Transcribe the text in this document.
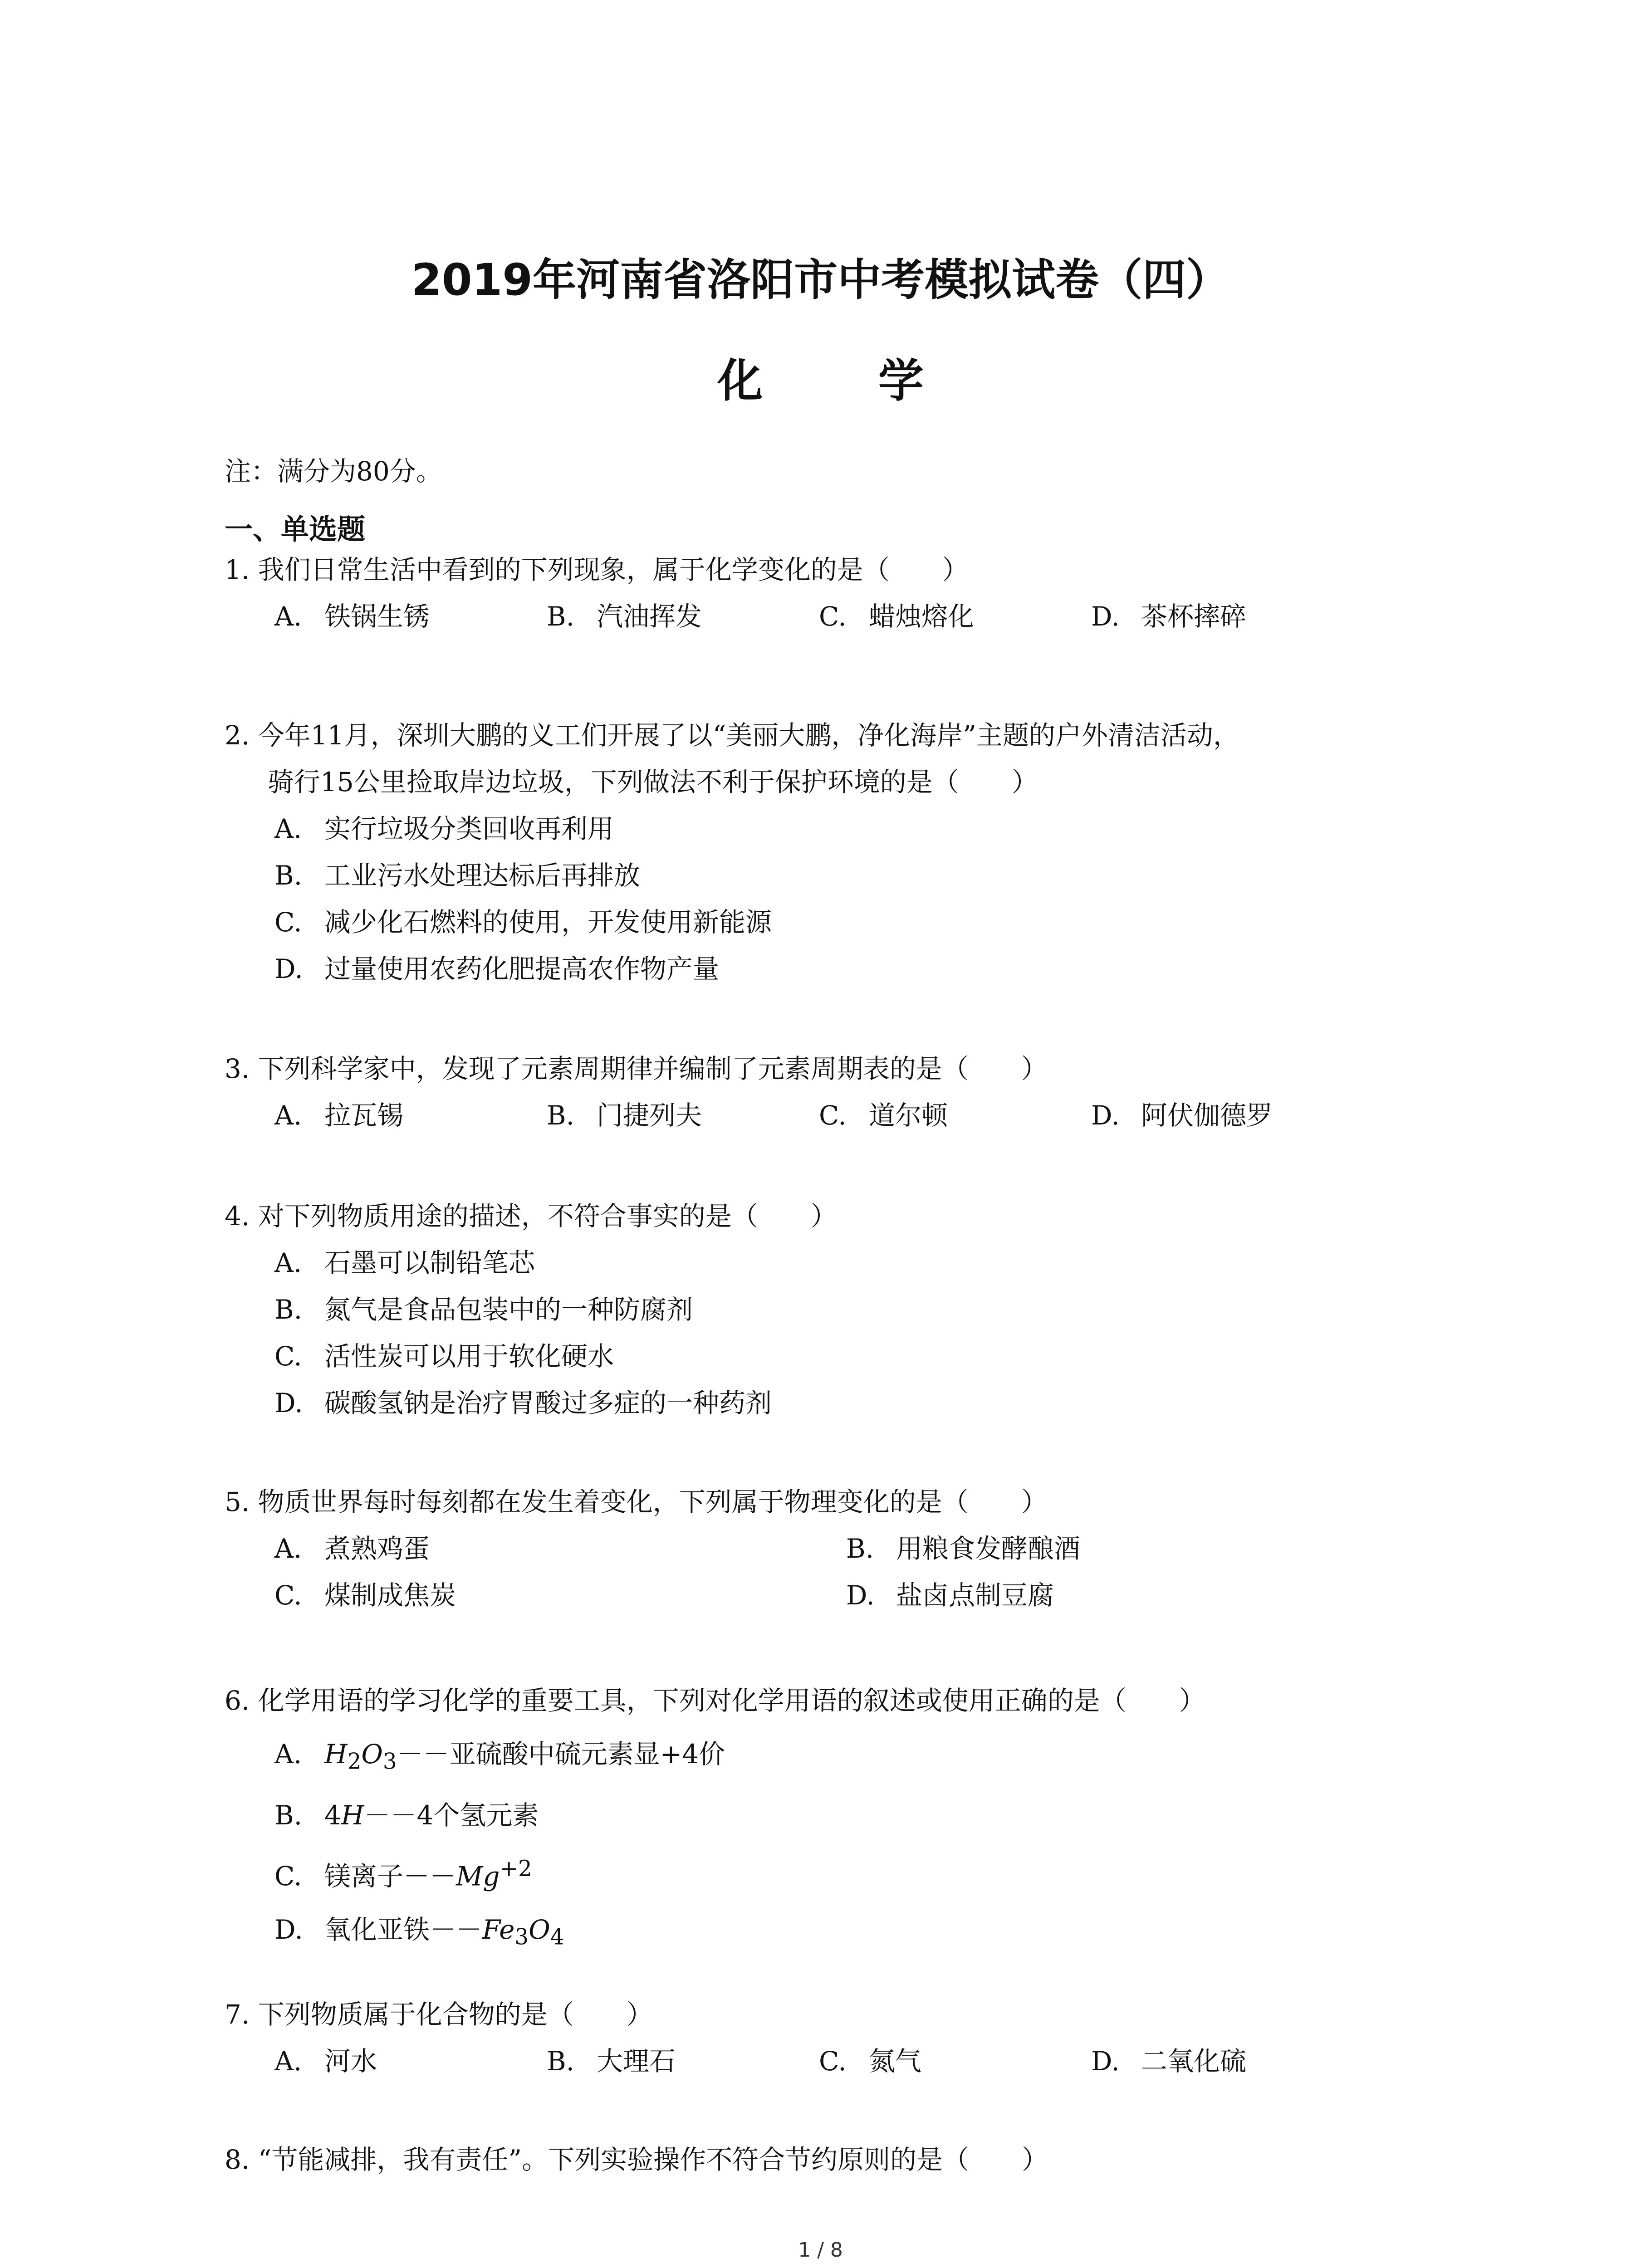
2019年河南省洛阳市中考模拟试卷（四）
化 学
注：满分为80分。
一、单选题
1. 我们日常生活中看到的下列现象，属于化学变化的是（　　）
A. 铁锅生锈	B. 汽油挥发	C. 蜡烛熔化	D. 茶杯摔碎
2. 今年11月，深圳大鹏的义工们开展了以“美丽大鹏，净化海岸”主题的户外清洁活动，
骑行15公里捡取岸边垃圾，下列做法不利于保护环境的是（　　）
A. 实行垃圾分类回收再利用
B. 工业污水处理达标后再排放
C. 减少化石燃料的使用，开发使用新能源
D. 过量使用农药化肥提高农作物产量
3. 下列科学家中，发现了元素周期律并编制了元素周期表的是（　　）
A. 拉瓦锡	B. 门捷列夫	C. 道尔顿	D. 阿伏伽德罗
4. 对下列物质用途的描述，不符合事实的是（　　）
A. 石墨可以制铅笔芯
B. 氮气是食品包装中的一种防腐剂
C. 活性炭可以用于软化硬水
D. 碳酸氢钠是治疗胃酸过多症的一种药剂
5. 物质世界每时每刻都在发生着变化，下列属于物理变化的是（　　）
A. 煮熟鸡蛋	B. 用粮食发酵酿酒
C. 煤制成焦炭	D. 盐卤点制豆腐
6. 化学用语的学习化学的重要工具，下列对化学用语的叙述或使用正确的是（　　）
A. $H_2O_3--$亚硫酸中硫元素显+4价
B. 4H－－4个氢元素
C. 镁离子$--Mg^{+2}$
D. 氧化亚铁$--Fe_3O_4$
7. 下列物质属于化合物的是（　　）
A. 河水	B. 大理石	C. 氮气	D. 二氧化硫
8. “节能减排，我有责任”。下列实验操作不符合节约原则的是（　　）
1 / 8
